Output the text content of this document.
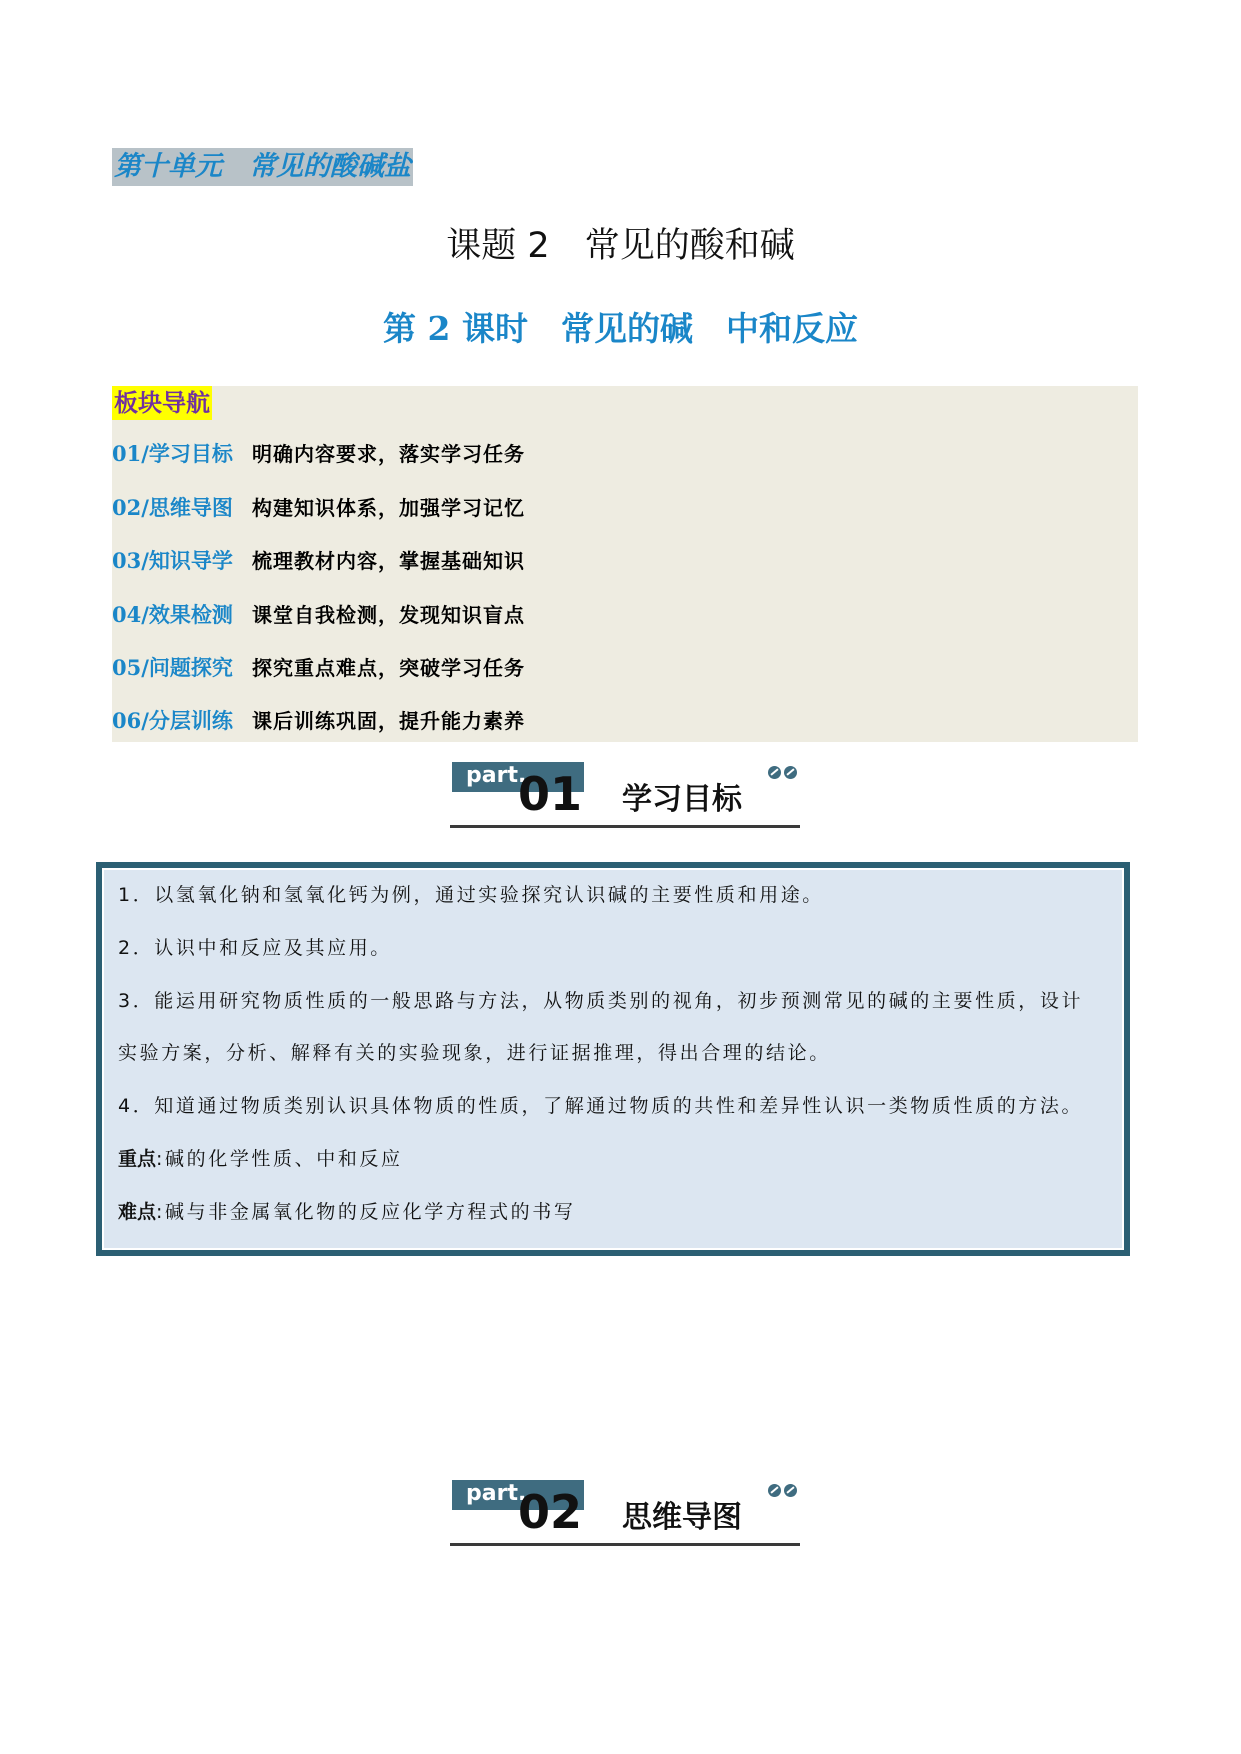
第十单元　常见的酸碱盐
课题 2　常见的酸和碱
第 2 课时　常见的碱　中和反应
板块导航
01/学习目标 明确内容要求，落实学习任务
02/思维导图 构建知识体系，加强学习记忆
03/知识导学 梳理教材内容，掌握基础知识
04/效果检测 课堂自我检测，发现知识盲点
05/问题探究 探究重点难点，突破学习任务
06/分层训练 课后训练巩固，提升能力素养
part.
01 学习目标
1．以氢氧化钠和氢氧化钙为例，通过实验探究认识碱的主要性质和用途。
2．认识中和反应及其应用。
3．能运用研究物质性质的一般思路与方法，从物质类别的视角，初步预测常见的碱的主要性质，设计
实验方案，分析、解释有关的实验现象，进行证据推理，得出合理的结论。
4．知道通过物质类别认识具体物质的性质，了解通过物质的共性和差异性认识一类物质性质的方法。
重点:碱的化学性质、中和反应
难点:碱与非金属氧化物的反应化学方程式的书写
part.
02 思维导图
